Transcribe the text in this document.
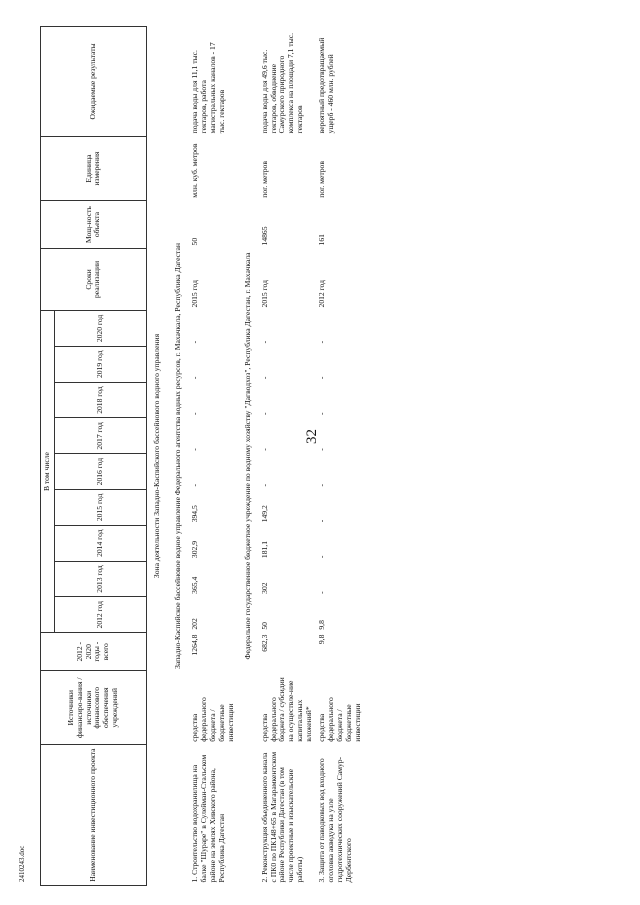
32
2410243.doc	Наименование инвестиционного проекта	Источники финансиро-вания / источники финансового обеспечения учреждений	2012 - 2020 годы - всего	В том числе									Сроки реализации	Мощ-ность объекта	Единица измерения	Ожидаемые результаты
			2012 год	2013 год	2014 год	2015 год	2016 год	2017 год	2018 год	2019 год	2020 год				
Зона деятельности Западно-Каспийского бассейнового водного управления															
Западно-Каспийское бассейновое водное управление Федерального агентства водных ресурсов, г. Махачкала, Республика Дагестан															
1. Строительство водохранилища на балке "Шураре" в Сулейман-Стальском районе на землях Хивского района, Республика Дагестан	средства федерального бюджета / бюджетные инвестиции	1264,8	202	365,4	302,9	394,5	-	-	-	-	-	2015 год	50	млн. куб. метров	подача воды для 11,1 тыс. гектаров, работа магистральных каналов - 17 тыс. гектаров
Федеральное государственное бюджетное учреждение по водному хозяйству "Дагводхоз", Республика Дагестан, г. Махачкала															
2. Реконструкция объединенного канала с ПК0 по ПК148+65 в Магарамкентском районе Республики Дагестан (в том числе проектные и изыскательские работы)	средства федерального бюджета / субсидии на осуществле-ние капитальных вложений*	682,3	50	302	181,1	149,2	-	-	-	-	-	2015 год	14865	пог. метров	подача воды для 49,6 тыс. гектаров, обводнение Самурского природного комплекса на площади 7,1 тыс. гектаров
3. Защита от паводковых вод входного оголовка акведука на узле гидротехнических сооружений Самур-Дербентского	средства федерального бюджета / бюджетные инвестиции	9,8	9,8	-	-	-	-	-	-	-	-	2012 год	161	пог. метров	вероятный предотвращаемый ущерб - 460 млн. рублей
